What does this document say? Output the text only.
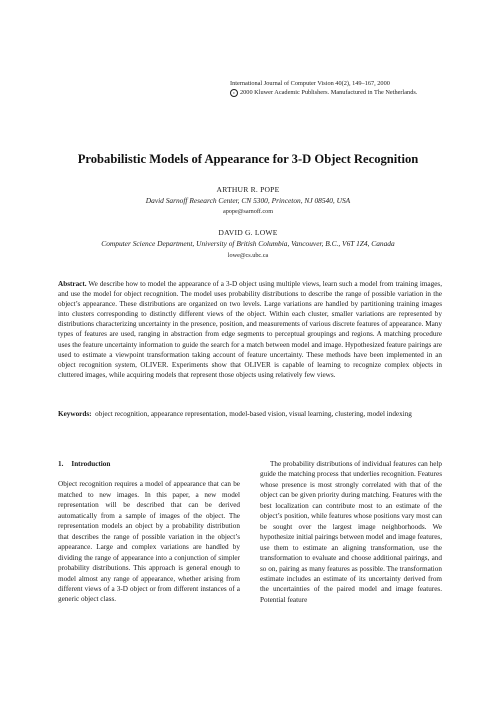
International Journal of Computer Vision 40(2), 149–167, 2000
c 2000 Kluwer Academic Publishers. Manufactured in The Netherlands.
Probabilistic Models of Appearance for 3-D Object Recognition
ARTHUR R. POPE
David Sarnoff Research Center, CN 5300, Princeton, NJ 08540, USA
apope@sarnoff.com
DAVID G. LOWE
Computer Science Department, University of British Columbia, Vancouver, B.C., V6T 1Z4, Canada
lowe@cs.ubc.ca
Abstract. We describe how to model the appearance of a 3-D object using multiple views, learn such a model from training images, and use the model for object recognition. The model uses probability distributions to describe the range of possible variation in the object’s appearance. These distributions are organized on two levels. Large variations are handled by partitioning training images into clusters corresponding to distinctly different views of the object. Within each cluster, smaller variations are represented by distributions characterizing uncertainty in the presence, position, and measurements of various discrete features of appearance. Many types of features are used, ranging in abstraction from edge segments to perceptual groupings and regions. A matching procedure uses the feature uncertainty information to guide the search for a match between model and image. Hypothesized feature pairings are used to estimate a viewpoint transformation taking account of feature uncertainty. These methods have been implemented in an object recognition system, OLIVER. Experiments show that OLIVER is capable of learning to recognize complex objects in cluttered images, while acquiring models that represent those objects using relatively few views.
Keywords: object recognition, appearance representation, model-based vision, visual learning, clustering, model indexing
1. Introduction

Object recognition requires a model of appearance that can be matched to new images. In this paper, a new model representation will be described that can be derived automatically from a sample of images of the object. The representation models an object by a probability distribution that describes the range of possible variation in the object’s appearance. Large and complex variations are handled by dividing the range of appearance into a conjunction of simpler probability distributions. This approach is general enough to model almost any range of appearance, whether arising from different views of a 3-D object or from different instances of a generic object class.

The probability distributions of individual features can help guide the matching process that underlies recognition. Features whose presence is most strongly correlated with that of the object can be given priority during matching. Features with the best localization can contribute most to an estimate of the object’s position, while features whose positions vary most can be sought over the largest image neighborhoods. We hypothesize initial pairings between model and image features, use them to estimate an aligning transformation, use the transformation to evaluate and choose additional pairings, and so on, pairing as many features as possible. The transformation estimate includes an estimate of its uncertainty derived from the uncertainties of the paired model and image features. Potential feature
